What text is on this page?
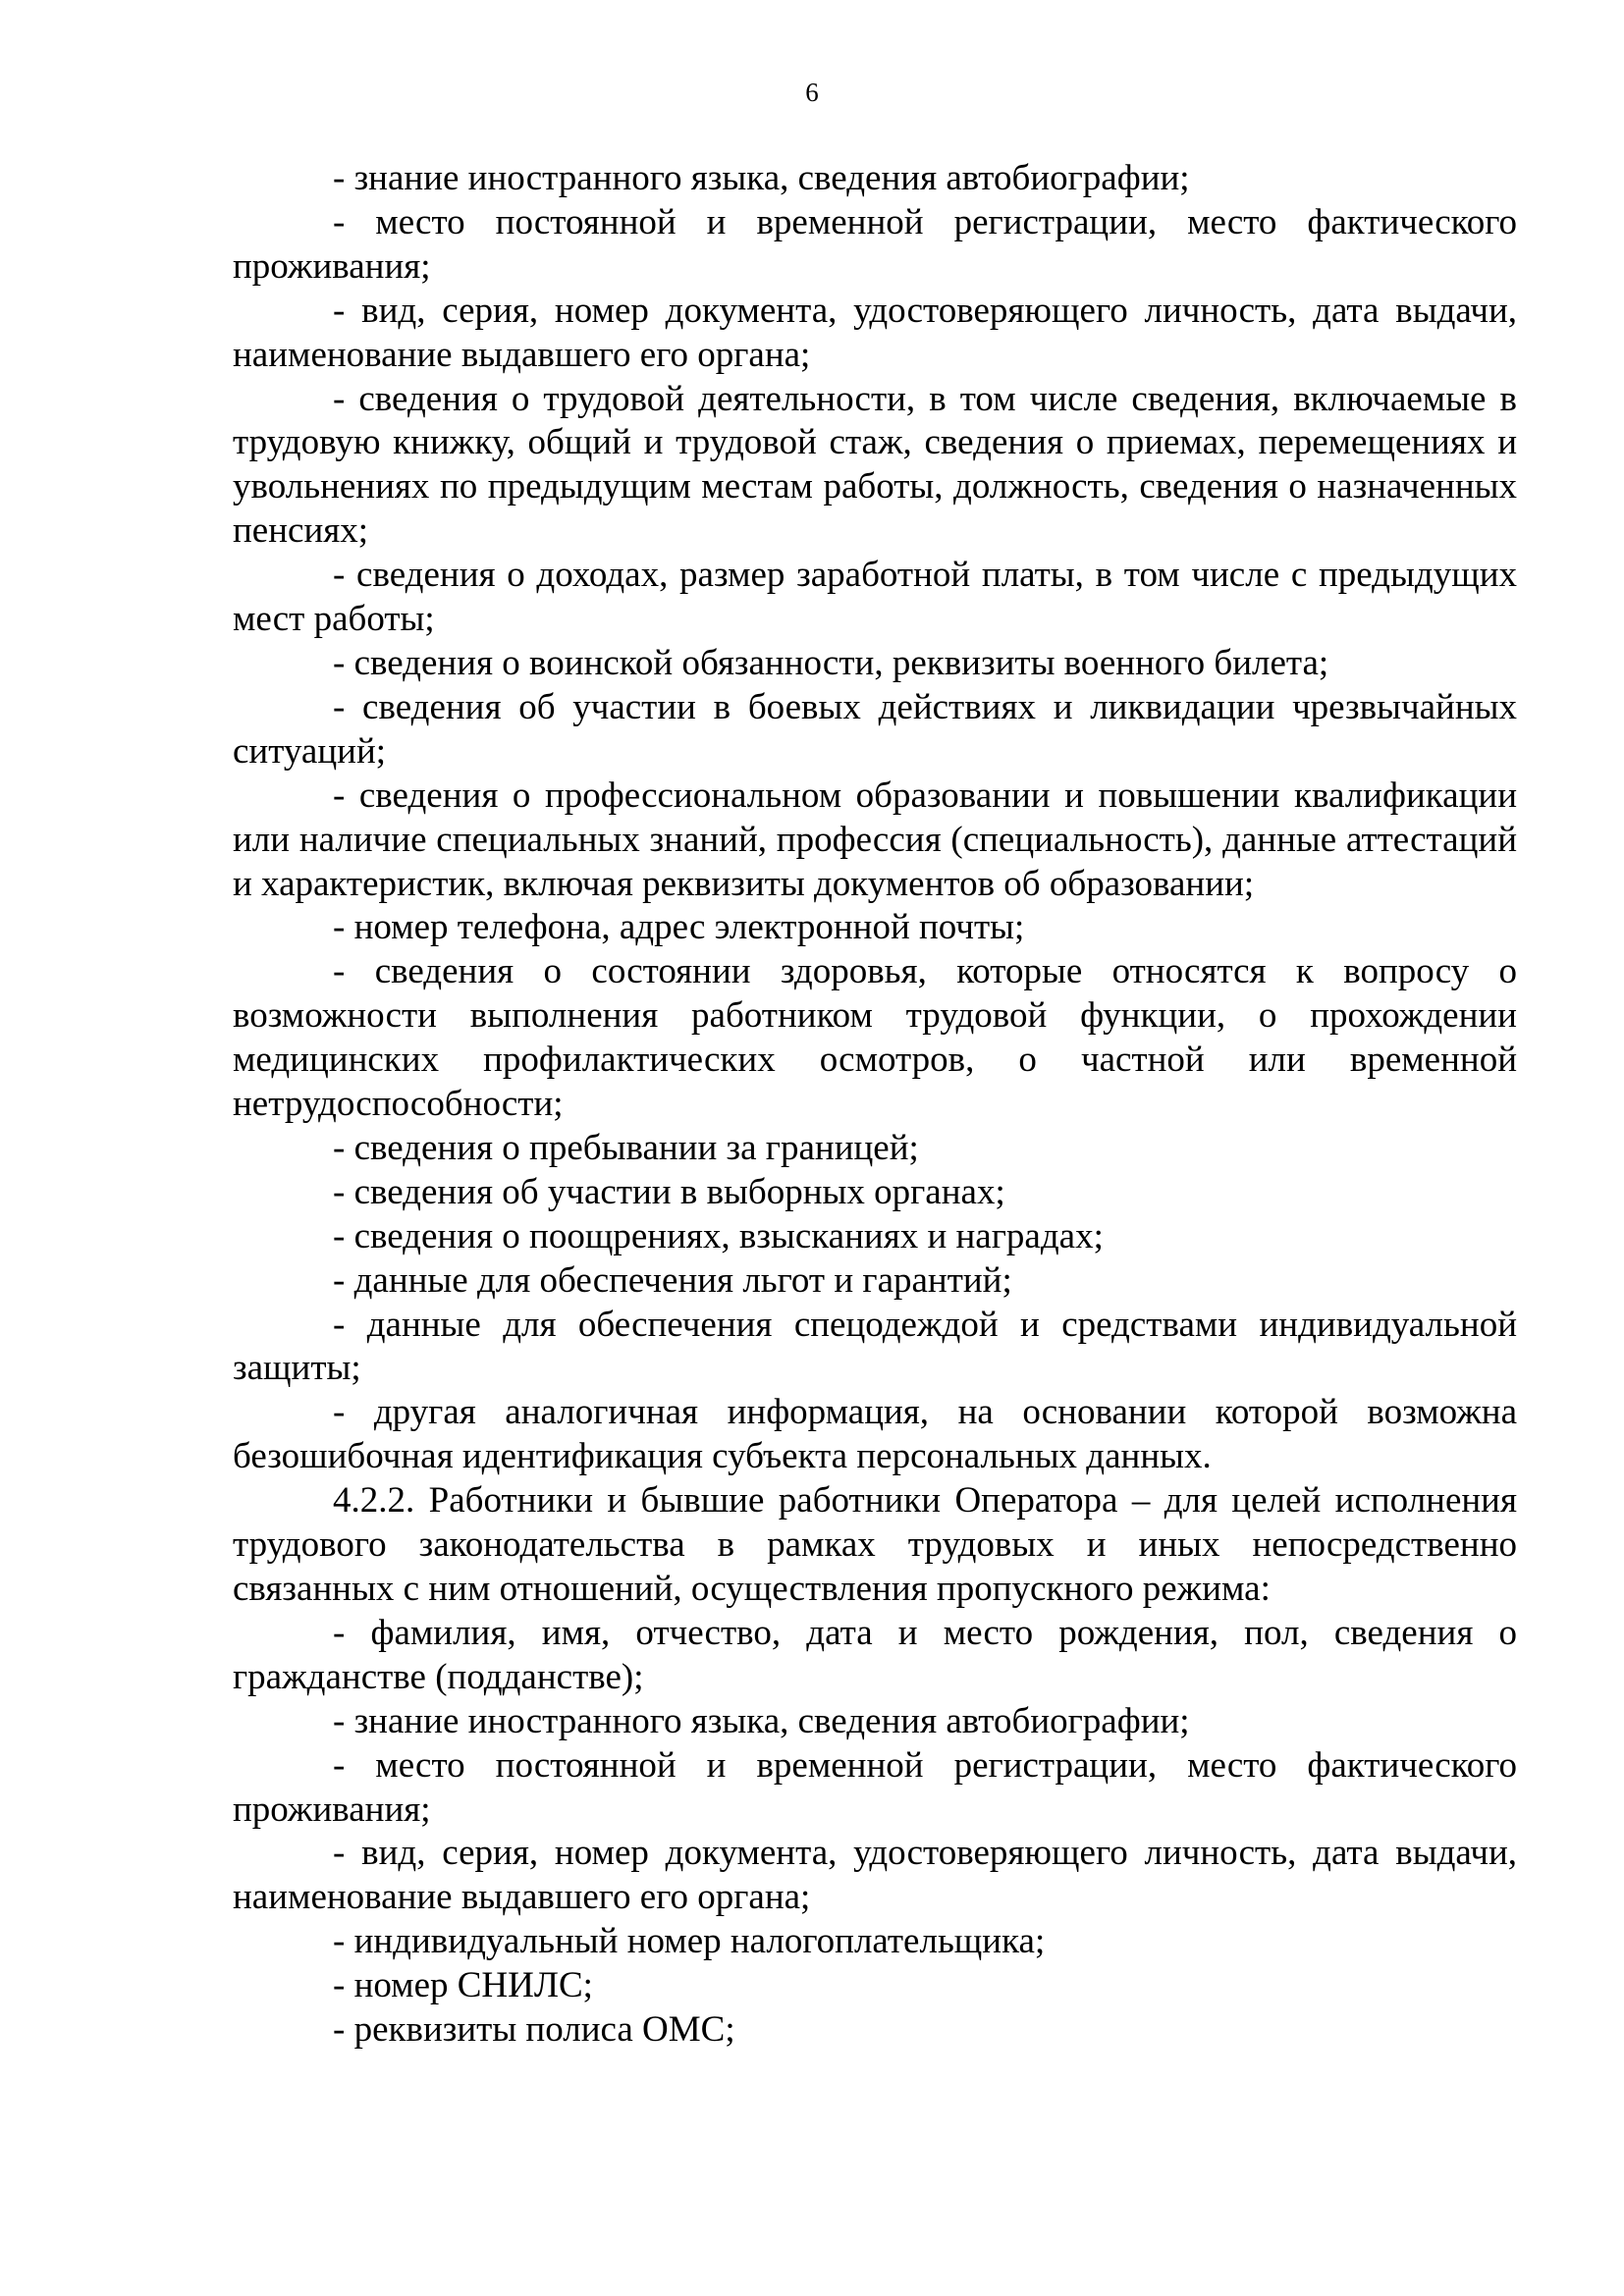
6

- знание иностранного языка, сведения автобиографии;

- место постоянной и временной регистрации, место фактического проживания;

- вид, серия, номер документа, удостоверяющего личность, дата выдачи, наименование выдавшего его органа;

- сведения о трудовой деятельности, в том числе сведения, включаемые в трудовую книжку, общий и трудовой стаж, сведения о приемах, перемещениях и увольнениях по предыдущим местам работы, должность, сведения о назначенных пенсиях;

- сведения о доходах, размер заработной платы, в том числе с предыдущих мест работы;

- сведения о воинской обязанности, реквизиты военного билета;

- сведения об участии в боевых действиях и ликвидации чрезвычайных ситуаций;

- сведения о профессиональном образовании и повышении квалификации или наличие специальных знаний, профессия (специальность), данные аттестаций и характеристик, включая реквизиты документов об образовании;

- номер телефона, адрес электронной почты;

- сведения о состоянии здоровья, которые относятся к вопросу о возможности выполнения работником трудовой функции, о прохождении медицинских профилактических осмотров, о частной или временной нетрудоспособности;

- сведения о пребывании за границей;

- сведения об участии в выборных органах;

- сведения о поощрениях, взысканиях и наградах;

- данные для обеспечения льгот и гарантий;

- данные для обеспечения спецодеждой и средствами индивидуальной защиты;

- другая аналогичная информация, на основании которой возможна безошибочная идентификация субъекта персональных данных.

4.2.2. Работники и бывшие работники Оператора – для целей исполнения трудового законодательства в рамках трудовых и иных непосредственно связанных с ним отношений, осуществления пропускного режима:

- фамилия, имя, отчество, дата и место рождения, пол, сведения о гражданстве (подданстве);

- знание иностранного языка, сведения автобиографии;

- место постоянной и временной регистрации, место фактического проживания;

- вид, серия, номер документа, удостоверяющего личность, дата выдачи, наименование выдавшего его органа;

- индивидуальный номер налогоплательщика;

- номер СНИЛС;

- реквизиты полиса ОМС;
